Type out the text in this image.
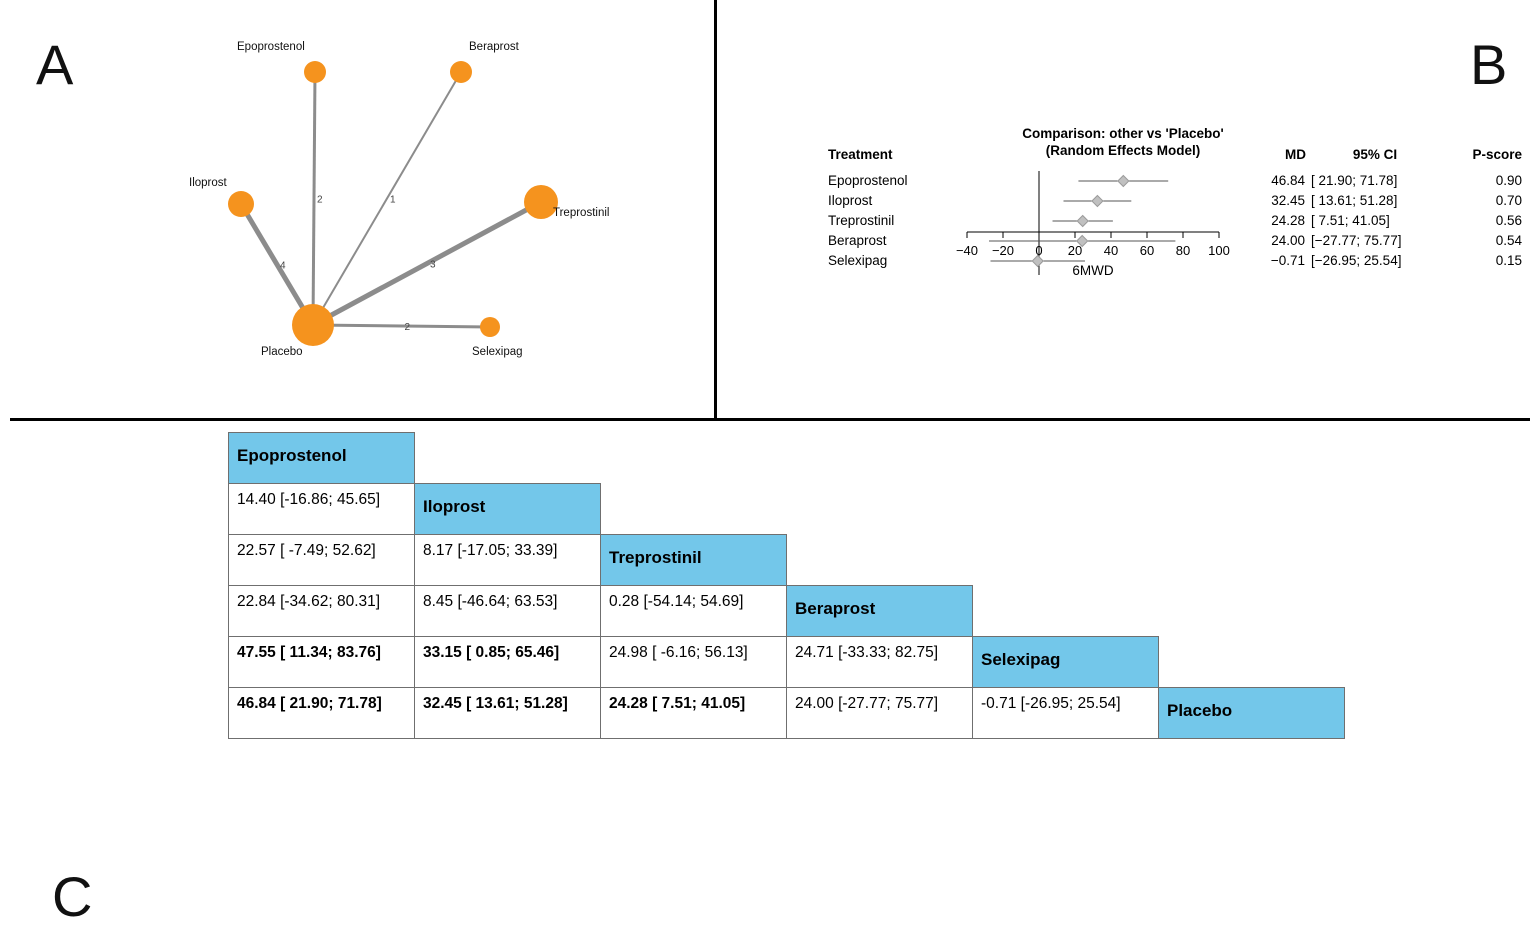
A
2	1
4	3
2
Epoprostenol	Beraprost
Iloprost
Treprostinil
Placebo	Selexipag
B
Comparison: other vs 'Placebo'
(Random Effects Model)
Treatment	MD	95% CI	P-score
Epoprostenol	46.84 [ 21.90; 71.78]	0.90
Iloprost	32.45 [ 13.61; 51.28]	0.70
Treprostinil	24.28 [ 7.51; 41.05]	0.56
Beraprost	24.00 [−27.77; 75.77]	0.54
Selexipag	−0.71 [−26.95; 25.54]	0.15
−40	−20	0	20	40	60	80	100
6MWD
C
Epoprostenol					
14.40 [-16.86; 45.65]	Iloprost				
22.57 [ -7.49; 52.62]	8.17 [-17.05; 33.39]	Treprostinil			
22.84 [-34.62; 80.31]	8.45 [-46.64; 63.53]	0.28 [-54.14; 54.69]	Beraprost		
47.55 [ 11.34; 83.76]	33.15 [ 0.85; 65.46]	24.98 [ -6.16; 56.13]	24.71 [-33.33; 82.75]	Selexipag	
46.84 [ 21.90; 71.78]	32.45 [ 13.61; 51.28]	24.28 [ 7.51; 41.05]	24.00 [-27.77; 75.77]	-0.71 [-26.95; 25.54]	Placebo
